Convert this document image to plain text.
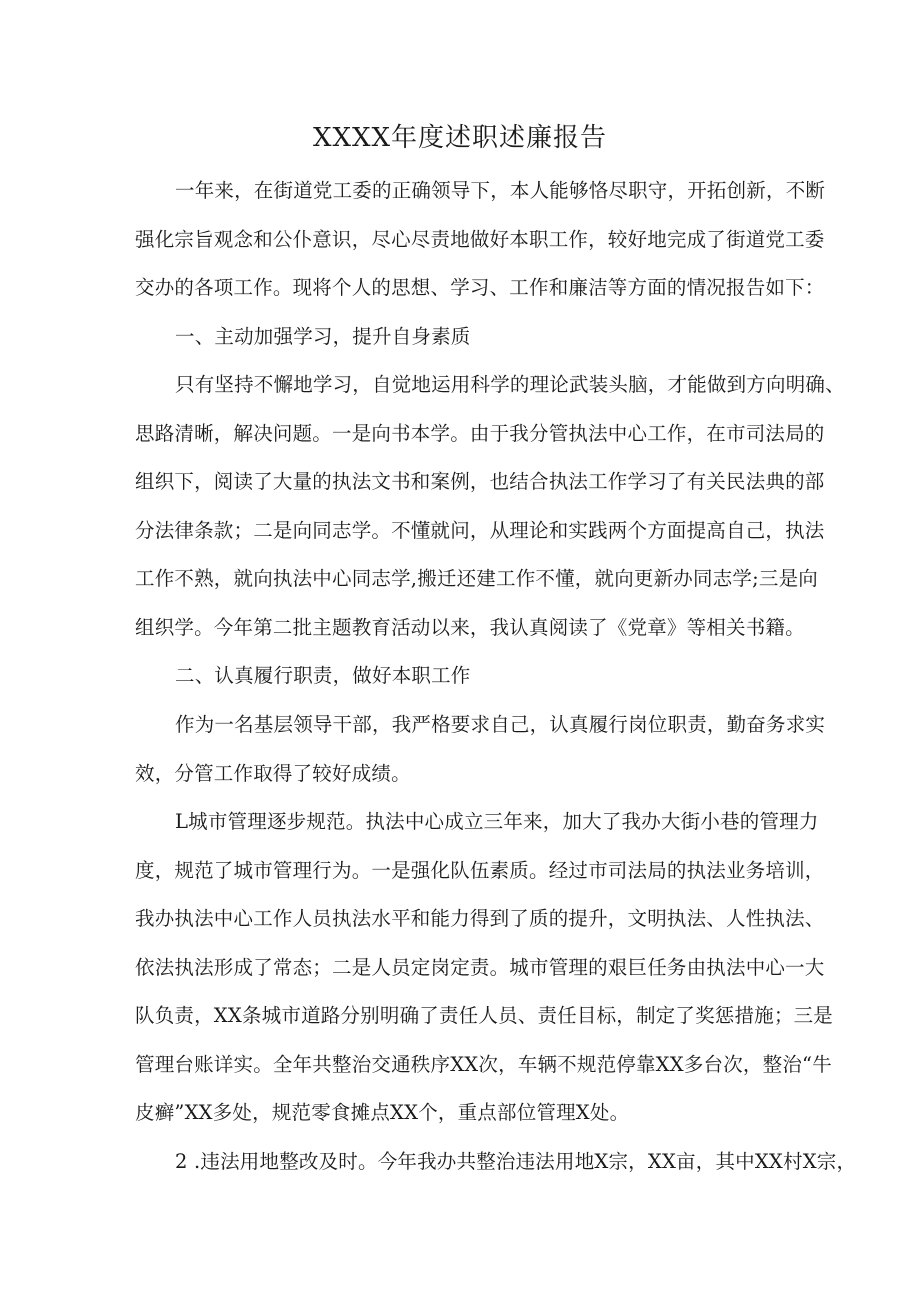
XXXX年度述职述廉报告
一年来，在街道党工委的正确领导下，本人能够恪尽职守，开拓创新，不断
强化宗旨观念和公仆意识，尽心尽责地做好本职工作，较好地完成了街道党工委
交办的各项工作。现将个人的思想、学习、工作和廉洁等方面的情况报告如下：
一、主动加强学习，提升自身素质
只有坚持不懈地学习，自觉地运用科学的理论武装头脑，才能做到方向明确、
思路清晰，解决问题。一是向书本学。由于我分管执法中心工作，在市司法局的
组织下，阅读了大量的执法文书和案例，也结合执法工作学习了有关民法典的部
分法律条款；二是向同志学。不懂就问，从理论和实践两个方面提高自己，执法
工作不熟，就向执法中心同志学,搬迁还建工作不懂，就向更新办同志学;三是向
组织学。今年第二批主题教育活动以来，我认真阅读了《党章》等相关书籍。
二、认真履行职责，做好本职工作
作为一名基层领导干部，我严格要求自己，认真履行岗位职责，勤奋务求实
效，分管工作取得了较好成绩。
L城市管理逐步规范。执法中心成立三年来，加大了我办大街小巷的管理力
度，规范了城市管理行为。一是强化队伍素质。经过市司法局的执法业务培训，
我办执法中心工作人员执法水平和能力得到了质的提升，文明执法、人性执法、
依法执法形成了常态；二是人员定岗定责。城市管理的艰巨任务由执法中心一大
队负责，XX条城市道路分别明确了责任人员、责任目标，制定了奖惩措施；三是
管理台账详实。全年共整治交通秩序XX次，车辆不规范停靠XX多台次，整治“牛
皮癣”XX多处，规范零食摊点XX个，重点部位管理X处。
2 .违法用地整改及时。今年我办共整治违法用地X宗，XX亩，其中XX村X宗，
